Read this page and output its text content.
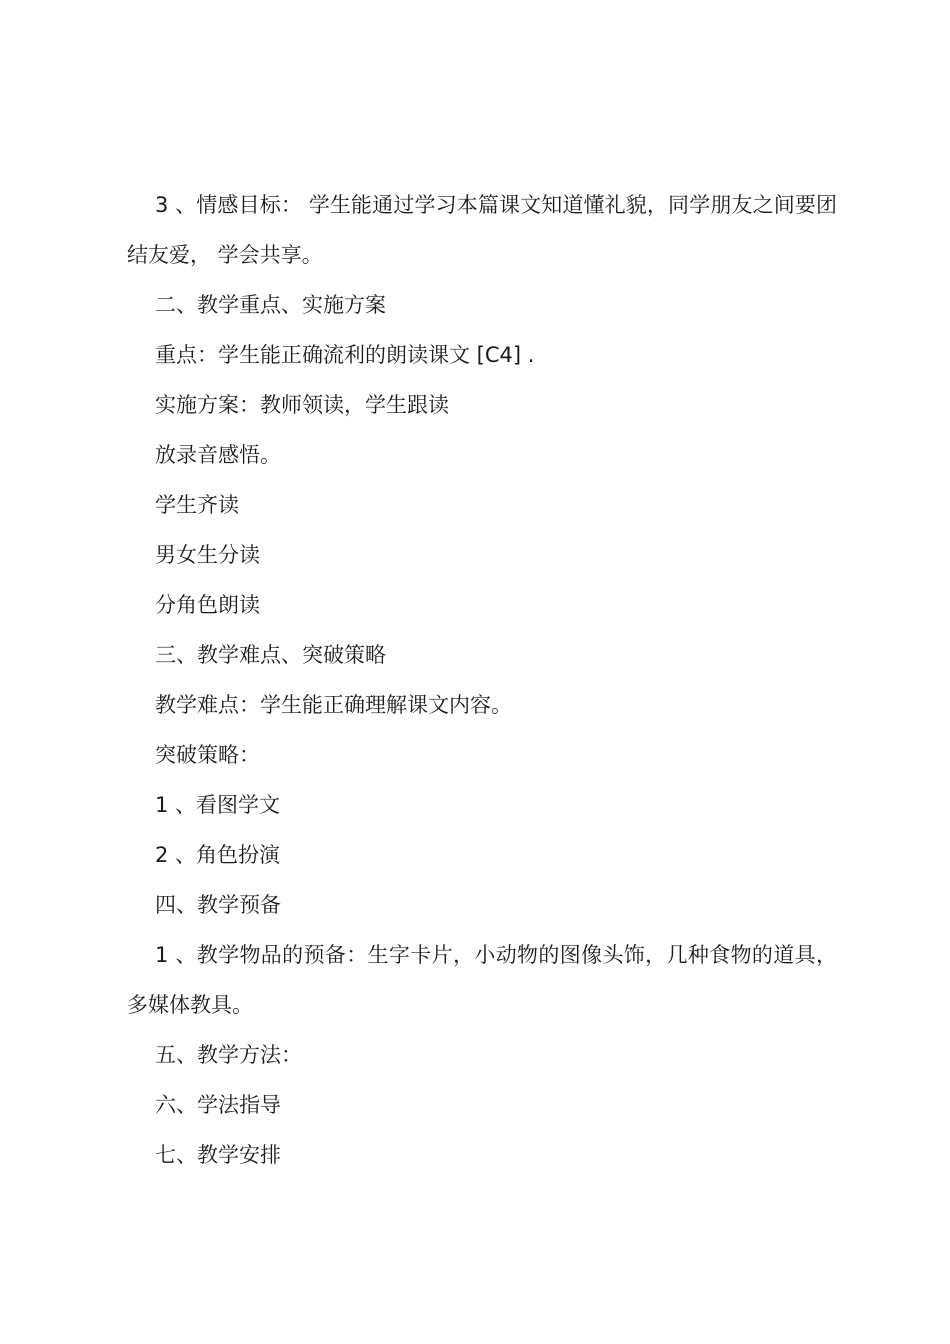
3 、情感目标： 学生能通过学习本篇课文知道懂礼貌，同学朋友之间要团结友爱， 学会共享。

二、教学重点、实施方案

重点：学生能正确流利的朗读课文 [C4] .

实施方案：教师领读，学生跟读

放录音感悟。

学生齐读

男女生分读

分角色朗读

三、教学难点、突破策略

教学难点：学生能正确理解课文内容。

突破策略：

1 、看图学文

2 、角色扮演

四、教学预备

1 、教学物品的预备：生字卡片，小动物的图像头饰，几种食物的道具，多媒体教具。

五、教学方法：

六、学法指导

七、教学安排
